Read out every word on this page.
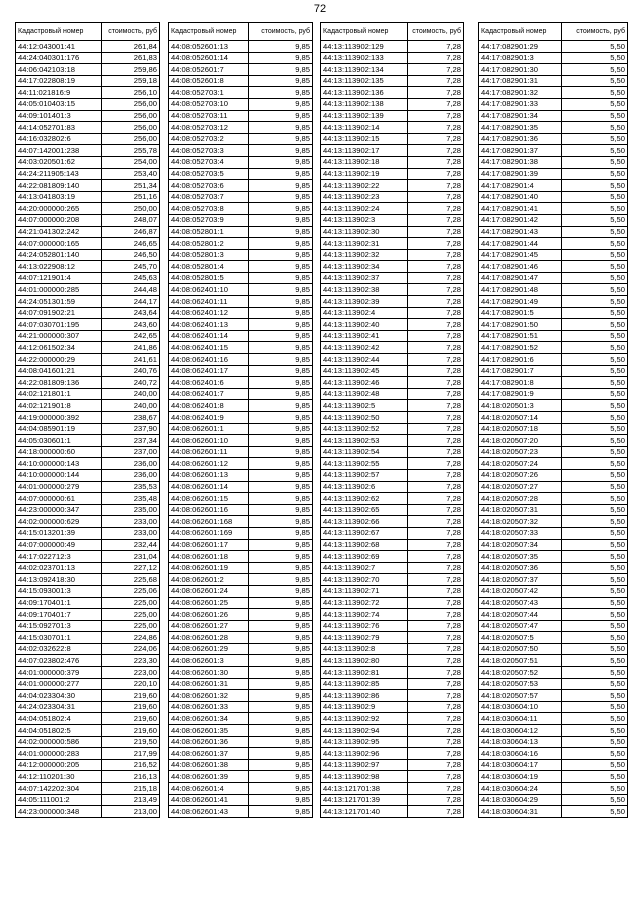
72
Кадастровый номер	стоимость, руб
44:12:043001:41	261,84
44:24:040301:176	261,83
44:06:042103:18	259,86
44:17:022808:19	259,18
44:11:021816:9	256,10
44:05:010403:15	256,00
44:09:101401:3	256,00
44:14:052701:83	256,00
44:16:032802:6	256,00
44:07:142001:238	255,78
44:03:020501:62	254,00
44:24:211905:143	253,40
44:22:081809:140	251,34
44:13:041803:19	251,16
44:20:000000:265	250,00
44:07:000000:208	248,07
44:21:041302:242	246,87
44:07:000000:165	246,65
44:24:052801:140	246,50
44:13:022908:12	245,70
44:07:121901:4	245,63
44:01:000000:285	244,48
44:24:051301:59	244,17
44:07:091902:21	243,64
44:07:030701:195	243,60
44:21:000000:307	242,65
44:12:061502:34	241,86
44:22:000000:29	241,61
44:08:041601:21	240,76
44:22:081809:136	240,72
44:02:121801:1	240,00
44:02:121901:8	240,00
44:19:000000:392	238,67
44:04:085901:19	237,90
44:05:030601:1	237,34
44:18:000000:60	237,00
44:10:000000:143	236,00
44:10:000000:144	236,00
44:01:000000:279	235,53
44:07:000000:61	235,48
44:23:000000:347	235,00
44:02:000000:629	233,00
44:15:013201:39	233,00
44:07:000000:49	232,44
44:17:022712:3	231,04
44:02:023701:13	227,12
44:13:092418:30	225,68
44:15:093001:3	225,06
44:09:170401:1	225,00
44:09:170401:7	225,00
44:15:092701:3	225,00
44:15:030701:1	224,86
44:02:032622:8	224,06
44:07:023802:476	223,30
44:01:000000:379	223,00
44:01:000000:277	220,10
44:04:023304:30	219,60
44:24:023304:31	219,60
44:04:051802:4	219,60
44:04:051802:5	219,60
44:02:000000:586	219,50
44:01:000000:283	217,99
44:12:000000:205	216,52
44:12:110201:30	216,13
44:07:142202:304	215,18
44:05:111001:2	213,49
44:23:000000:348	213,00
Кадастровый номер	стоимость, руб
44:08:052601:13	9,85
44:08:052601:14	9,85
44:08:052601:7	9,85
44:08:052601:8	9,85
44:08:052703:1	9,85
44:08:052703:10	9,85
44:08:052703:11	9,85
44:08:052703:12	9,85
44:08:052703:2	9,85
44:08:052703:3	9,85
44:08:052703:4	9,85
44:08:052703:5	9,85
44:08:052703:6	9,85
44:08:052703:7	9,85
44:08:052703:8	9,85
44:08:052703:9	9,85
44:08:052801:1	9,85
44:08:052801:2	9,85
44:08:052801:3	9,85
44:08:052801:4	9,85
44:08:052801:5	9,85
44:08:062401:10	9,85
44:08:062401:11	9,85
44:08:062401:12	9,85
44:08:062401:13	9,85
44:08:062401:14	9,85
44:08:062401:15	9,85
44:08:062401:16	9,85
44:08:062401:17	9,85
44:08:062401:6	9,85
44:08:062401:7	9,85
44:08:062401:8	9,85
44:08:062401:9	9,85
44:08:062601:1	9,85
44:08:062601:10	9,85
44:08:062601:11	9,85
44:08:062601:12	9,85
44:08:062601:13	9,85
44:08:062601:14	9,85
44:08:062601:15	9,85
44:08:062601:16	9,85
44:08:062601:168	9,85
44:08:062601:169	9,85
44:08:062601:17	9,85
44:08:062601:18	9,85
44:08:062601:19	9,85
44:08:062601:2	9,85
44:08:062601:24	9,85
44:08:062601:25	9,85
44:08:062601:26	9,85
44:08:062601:27	9,85
44:08:062601:28	9,85
44:08:062601:29	9,85
44:08:062601:3	9,85
44:08:062601:30	9,85
44:08:062601:31	9,85
44:08:062601:32	9,85
44:08:062601:33	9,85
44:08:062601:34	9,85
44:08:062601:35	9,85
44:08:062601:36	9,85
44:08:062601:37	9,85
44:08:062601:38	9,85
44:08:062601:39	9,85
44:08:062601:4	9,85
44:08:062601:41	9,85
44:08:062601:43	9,85
Кадастровый номер	стоимость, руб
44:13:113902:129	7,28
44:13:113902:133	7,28
44:13:113902:134	7,28
44:13:113902:135	7,28
44:13:113902:136	7,28
44:13:113902:138	7,28
44:13:113902:139	7,28
44:13:113902:14	7,28
44:13:113902:15	7,28
44:13:113902:17	7,28
44:13:113902:18	7,28
44:13:113902:19	7,28
44:13:113902:22	7,28
44:13:113902:23	7,28
44:13:113902:24	7,28
44:13:113902:3	7,28
44:13:113902:30	7,28
44:13:113902:31	7,28
44:13:113902:32	7,28
44:13:113902:34	7,28
44:13:113902:37	7,28
44:13:113902:38	7,28
44:13:113902:39	7,28
44:13:113902:4	7,28
44:13:113902:40	7,28
44:13:113902:41	7,28
44:13:113902:42	7,28
44:13:113902:44	7,28
44:13:113902:45	7,28
44:13:113902:46	7,28
44:13:113902:48	7,28
44:13:113902:5	7,28
44:13:113902:50	7,28
44:13:113902:52	7,28
44:13:113902:53	7,28
44:13:113902:54	7,28
44:13:113902:55	7,28
44:13:113902:57	7,28
44:13:113902:6	7,28
44:13:113902:62	7,28
44:13:113902:65	7,28
44:13:113902:66	7,28
44:13:113902:67	7,28
44:13:113902:68	7,28
44:13:113902:69	7,28
44:13:113902:7	7,28
44:13:113902:70	7,28
44:13:113902:71	7,28
44:13:113902:72	7,28
44:13:113902:74	7,28
44:13:113902:76	7,28
44:13:113902:79	7,28
44:13:113902:8	7,28
44:13:113902:80	7,28
44:13:113902:81	7,28
44:13:113902:85	7,28
44:13:113902:86	7,28
44:13:113902:9	7,28
44:13:113902:92	7,28
44:13:113902:94	7,28
44:13:113902:95	7,28
44:13:113902:96	7,28
44:13:113902:97	7,28
44:13:113902:98	7,28
44:13:121701:38	7,28
44:13:121701:39	7,28
44:13:121701:40	7,28
Кадастровый номер	стоимость, руб
44:17:082901:29	5,50
44:17:082901:3	5,50
44:17:082901:30	5,50
44:17:082901:31	5,50
44:17:082901:32	5,50
44:17:082901:33	5,50
44:17:082901:34	5,50
44:17:082901:35	5,50
44:17:082901:36	5,50
44:17:082901:37	5,50
44:17:082901:38	5,50
44:17:082901:39	5,50
44:17:082901:4	5,50
44:17:082901:40	5,50
44:17:082901:41	5,50
44:17:082901:42	5,50
44:17:082901:43	5,50
44:17:082901:44	5,50
44:17:082901:45	5,50
44:17:082901:46	5,50
44:17:082901:47	5,50
44:17:082901:48	5,50
44:17:082901:49	5,50
44:17:082901:5	5,50
44:17:082901:50	5,50
44:17:082901:51	5,50
44:17:082901:52	5,50
44:17:082901:6	5,50
44:17:082901:7	5,50
44:17:082901:8	5,50
44:17:082901:9	5,50
44:18:020501:3	5,50
44:18:020507:14	5,50
44:18:020507:18	5,50
44:18:020507:20	5,50
44:18:020507:23	5,50
44:18:020507:24	5,50
44:18:020507:26	5,50
44:18:020507:27	5,50
44:18:020507:28	5,50
44:18:020507:31	5,50
44:18:020507:32	5,50
44:18:020507:33	5,50
44:18:020507:34	5,50
44:18:020507:35	5,50
44:18:020507:36	5,50
44:18:020507:37	5,50
44:18:020507:42	5,50
44:18:020507:43	5,50
44:18:020507:44	5,50
44:18:020507:47	5,50
44:18:020507:5	5,50
44:18:020507:50	5,50
44:18:020507:51	5,50
44:18:020507:52	5,50
44:18:020507:53	5,50
44:18:020507:57	5,50
44:18:030604:10	5,50
44:18:030604:11	5,50
44:18:030604:12	5,50
44:18:030604:13	5,50
44:18:030604:16	5,50
44:18:030604:17	5,50
44:18:030604:19	5,50
44:18:030604:24	5,50
44:18:030604:29	5,50
44:18:030604:31	5,50
